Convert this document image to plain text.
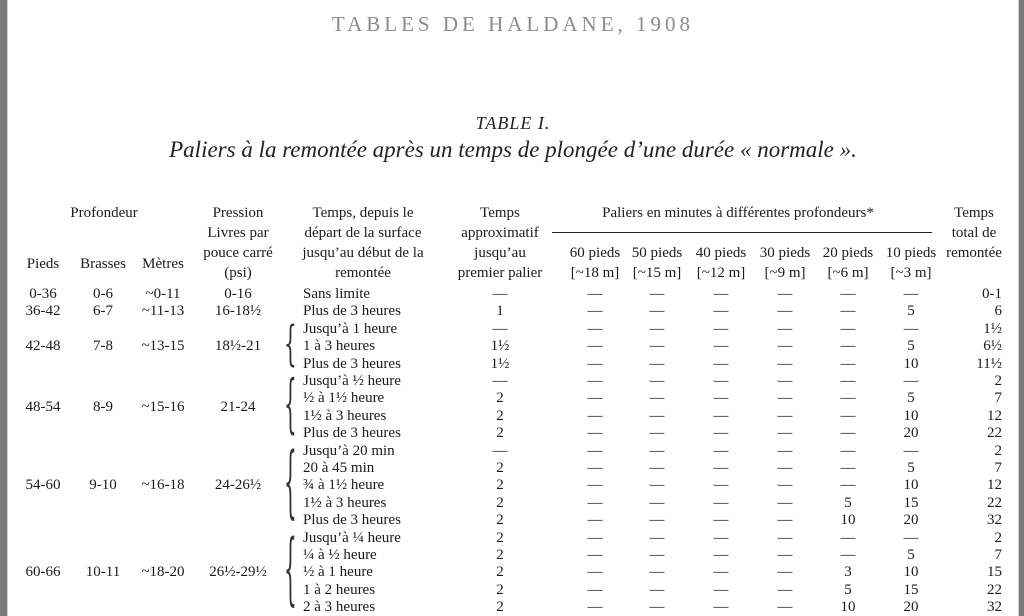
TABLES DE HALDANE, 1908
TABLE I.
Paliers à la remontée après un temps de plongée d’une durée « normale ».
Profondeur
Pieds	Brasses	Mètres
Pression
Livres par
pouce carré
(psi)
Temps, depuis le
départ de la surface
jusqu’au début de la
remontée
Temps
approximatif
jusqu’au
premier palier
Paliers en minutes à différentes profondeurs*
60 pieds
[~18 m]
50 pieds
[~15 m]
40 pieds
[~12 m]
30 pieds
[~9 m]
20 pieds
[~6 m]
10 pieds
[~3 m]
Temps
total de
remontée
0-36	0-6	~0-11	0-16	Sans limite	—	—	—	—	—	—	—	0-1
36-42	6-7	~11-13	16-18½	Plus de 3 heures	1	—	—	—	—	—	5	6
42-48	7-8	~13-15	18½-21	{ Jusqu’à 1 heure	—	—	—	—	—	—	—	1½
1 à 3 heures	1½	—	—	—	—	—	5	6½
Plus de 3 heures	1½	—	—	—	—	—	10	11½
48-54	8-9	~15-16	21-24	{ Jusqu’à ½ heure	—	—	—	—	—	—	—	2
½ à 1½ heure	2	—	—	—	—	—	5	7
1½ à 3 heures	2	—	—	—	—	—	10	12
Plus de 3 heures	2	—	—	—	—	—	20	22
54-60	9-10	~16-18	24-26½	{ Jusqu’à 20 min	—	—	—	—	—	—	—	2
20 à 45 min	2	—	—	—	—	—	5	7
¾ à 1½ heure	2	—	—	—	—	—	10	12
1½ à 3 heures	2	—	—	—	—	5	15	22
Plus de 3 heures	2	—	—	—	—	10	20	32
60-66	10-11	~18-20	26½-29½ { Jusqu’à ¼ heure	2	—	—	—	—	—	—	2
¼ à ½ heure	2	—	—	—	—	—	5	7
½ à 1 heure	2	—	—	—	—	3	10	15
1 à 2 heures	2	—	—	—	—	5	15	22
2 à 3 heures	2	—	—	—	—	10	20	32
